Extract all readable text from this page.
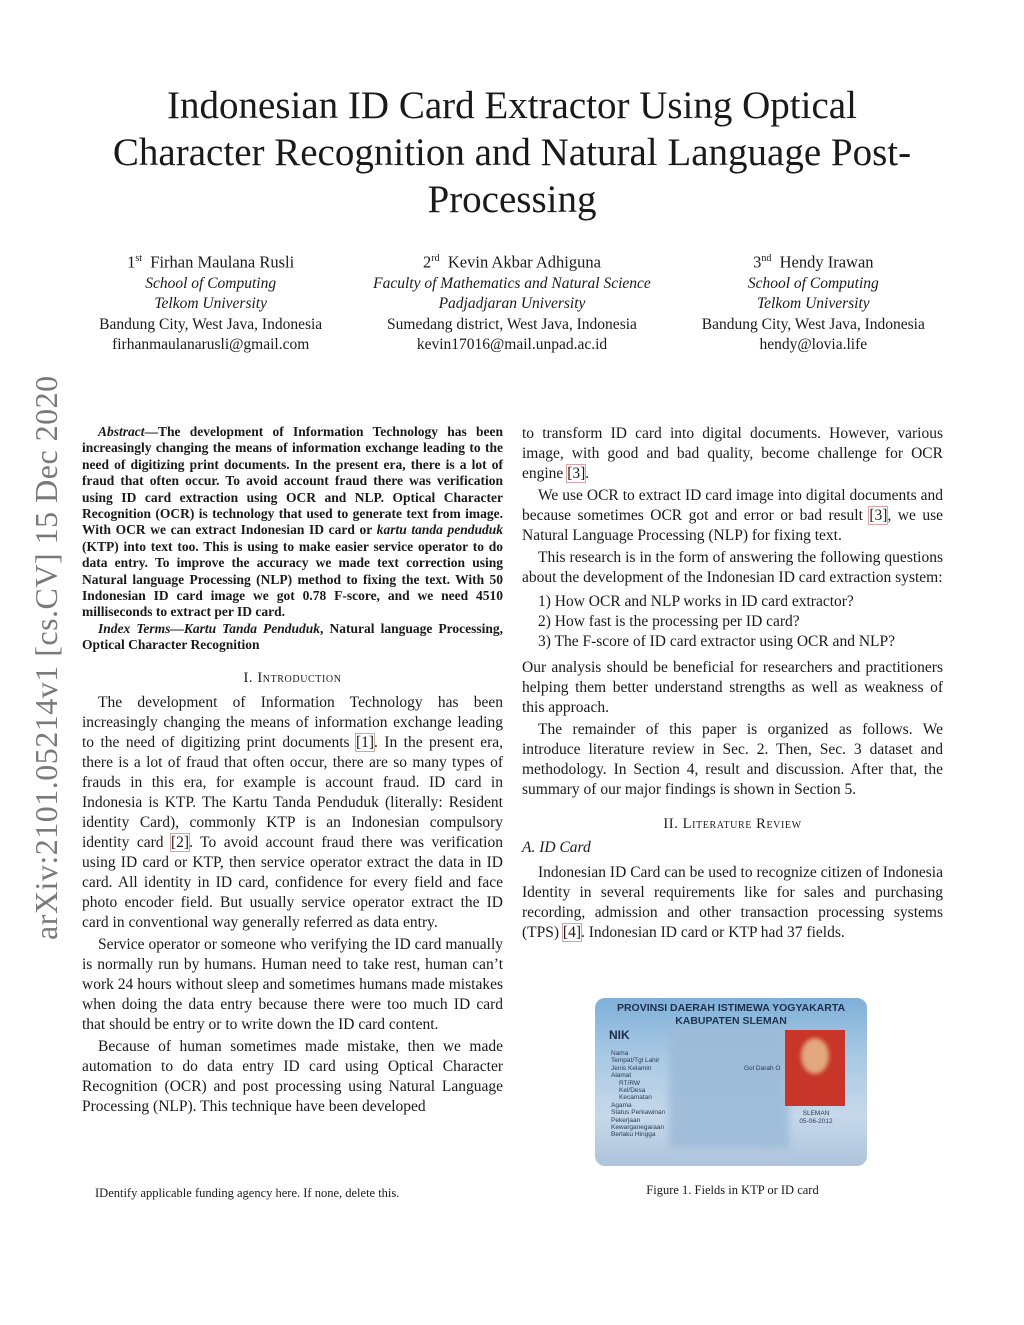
arXiv:2101.05214v1 [cs.CV] 15 Dec 2020
Indonesian ID Card Extractor Using Optical Character Recognition and Natural Language Post-Processing
1st Firhan Maulana Rusli
School of Computing
Telkom University
Bandung City, West Java, Indonesia
firhanmaulanarusli@gmail.com
2rd Kevin Akbar Adhiguna
Faculty of Mathematics and Natural Science
Padjadjaran University
Sumedang district, West Java, Indonesia
kevin17016@mail.unpad.ac.id
3nd Hendy Irawan
School of Computing
Telkom University
Bandung City, West Java, Indonesia
hendy@lovia.life

Abstract—The development of Information Technology has been increasingly changing the means of information exchange leading to the need of digitizing print documents. In the present era, there is a lot of fraud that often occur. To avoid account fraud there was verification using ID card extraction using OCR and NLP. Optical Character Recognition (OCR) is technology that used to generate text from image. With OCR we can extract Indonesian ID card or kartu tanda penduduk (KTP) into text too. This is using to make easier service operator to do data entry. To improve the accuracy we made text correction using Natural language Processing (NLP) method to fixing the text. With 50 Indonesian ID card image we got 0.78 F-score, and we need 4510 milliseconds to extract per ID card.

Index Terms—Kartu Tanda Penduduk, Natural language Processing, Optical Character Recognition

I. Introduction

The development of Information Technology has been increasingly changing the means of information exchange leading to the need of digitizing print documents [1]. In the present era, there is a lot of fraud that often occur, there are so many types of frauds in this era, for example is account fraud. ID card in Indonesia is KTP. The Kartu Tanda Penduduk (literally: Resident identity Card), commonly KTP is an Indonesian compulsory identity card [2]. To avoid account fraud there was verification using ID card or KTP, then service operator extract the data in ID card. All identity in ID card, confidence for every field and face photo encoder field. But usually service operator extract the ID card in conventional way generally referred as data entry.

Service operator or someone who verifying the ID card manually is normally run by humans. Human need to take rest, human can’t work 24 hours without sleep and sometimes humans made mistakes when doing the data entry because there were too much ID card that should be entry or to write down the ID card content.

Because of human sometimes made mistake, then we made automation to do data entry ID card using Optical Character Recognition (OCR) and post processing using Natural Language Processing (NLP). This technique have been developed

IDentify applicable funding agency here. If none, delete this.

to transform ID card into digital documents. However, various image, with good and bad quality, become challenge for OCR engine [3].

We use OCR to extract ID card image into digital documents and because sometimes OCR got and error or bad result [3], we use Natural Language Processing (NLP) for fixing text.

This research is in the form of answering the following questions about the development of the Indonesian ID card extraction system:

1) How OCR and NLP works in ID card extractor?
2) How fast is the processing per ID card?
3) The F-score of ID card extractor using OCR and NLP?

Our analysis should be beneficial for researchers and practitioners helping them better understand strengths as well as weakness of this approach.

The remainder of this paper is organized as follows. We introduce literature review in Sec. 2. Then, Sec. 3 dataset and methodology. In Section 4, result and discussion. After that, the summary of our major findings is shown in Section 5.

II. Literature Review
A. ID Card

Indonesian ID Card can be used to recognize citizen of Indonesia Identity in several requirements like for sales and purchasing recording, admission and other transaction processing systems (TPS) [4]. Indonesian ID card or KTP had 37 fields.

PROVINSI DAERAH ISTIMEWA YOGYAKARTA
KABUPATEN SLEMAN
NIK
Nama
Tempat/Tgl Lahir
Jenis Kelamin
Alamat
RT/RW
Kel/Desa
Kecamatan
Agama
Status Perkawinan
Pekerjaan
Kewarganegaraan
Berlaku Hingga
Gol Darah O
SLEMAN
05-06-2012
Figure 1. Fields in KTP or ID card
